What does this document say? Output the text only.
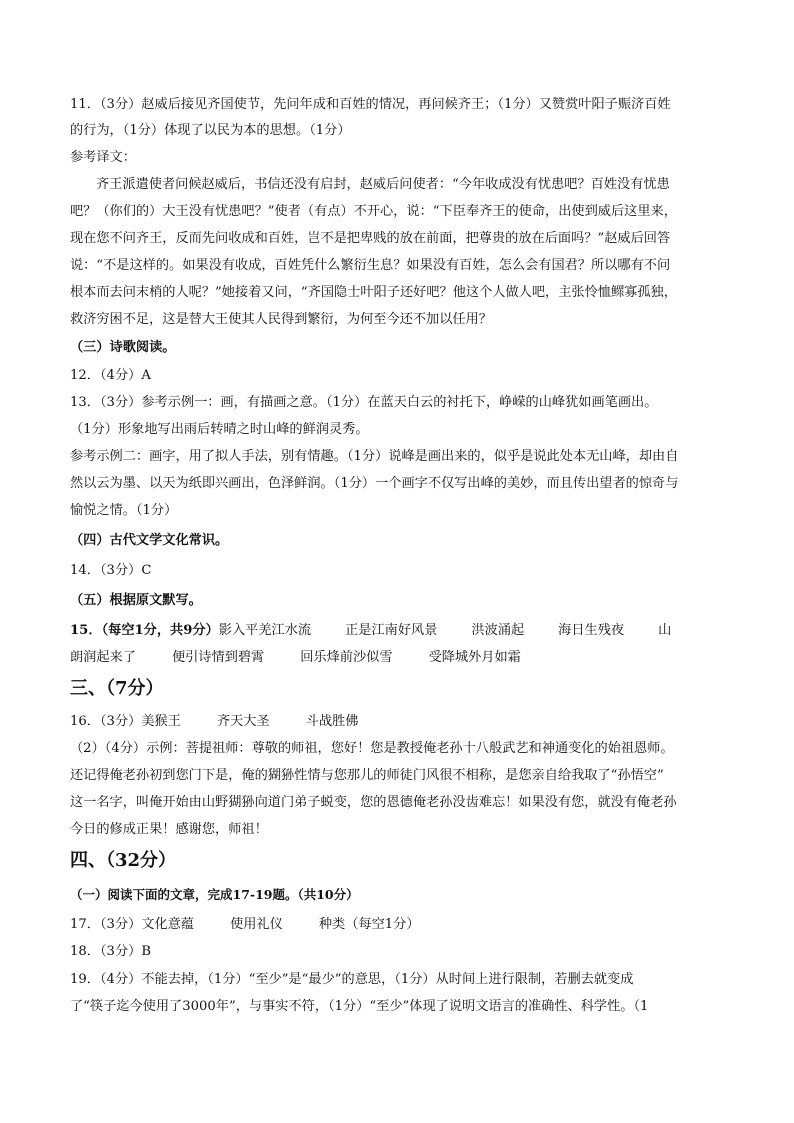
11．（3分）赵威后接见齐国使节，先问年成和百姓的情况，再问候齐王；（1分）又赞赏叶阳子赈济百姓
的行为，（1分）体现了以民为本的思想。（1分）
参考译文：
齐王派遣使者问候赵威后，书信还没有启封，赵威后问使者：“今年收成没有忧患吧？百姓没有忧患
吧？（你们的）大王没有忧患吧？”使者（有点）不开心，说：“下臣奉齐王的使命，出使到威后这里来，
现在您不问齐王，反而先问收成和百姓，岂不是把卑贱的放在前面，把尊贵的放在后面吗？”赵威后回答
说：“不是这样的。如果没有收成，百姓凭什么繁衍生息？如果没有百姓，怎么会有国君？所以哪有不问
根本而去问末梢的人呢？”她接着又问，“齐国隐士叶阳子还好吧？他这个人做人吧，主张怜恤鳏寡孤独，
救济穷困不足，这是替大王使其人民得到繁衍，为何至今还不加以任用？
（三）诗歌阅读。
12．（4分）A
13．（3分）参考示例一：画，有描画之意。（1分）在蓝天白云的衬托下，峥嵘的山峰犹如画笔画出。
（1分）形象地写出雨后转晴之时山峰的鲜润灵秀。
参考示例二：画字，用了拟人手法，别有情趣。（1分）说峰是画出来的，似乎是说此处本无山峰，却由自
然以云为墨、以天为纸即兴画出，色泽鲜润。（1分）一个画字不仅写出峰的美妙，而且传出望者的惊奇与
愉悦之情。（1分）
（四）古代文学文化常识。
14．（3分）C
（五）根据原文默写。
15．（每空1分，共9分）影入平羌江水流	正是江南好风景	洪波涌起	海日生残夜	山
朗润起来了	便引诗情到碧霄	回乐烽前沙似雪	受降城外月如霜
三、（7分）
16．（3分）美猴王	齐天大圣	斗战胜佛
（2）（4分）示例：菩提祖师：尊敬的师祖，您好！您是教授俺老孙十八般武艺和神通变化的始祖恩师。
还记得俺老孙初到您门下是，俺的猢狲性情与您那儿的师徒门风很不相称，是您亲自给我取了“孙悟空”
这一名字，叫俺开始由山野猢狲向道门弟子蜕变，您的恩德俺老孙没齿难忘！如果没有您，就没有俺老孙
今日的修成正果！感谢您，师祖！
四、（32分）
（一）阅读下面的文章，完成17-19题。（共10分）
17．（3分）文化意蕴	使用礼仪	种类（每空1分）
18．（3分）B
19．（4分）不能去掉，（1分）“至少”是“最少”的意思，（1分）从时间上进行限制，若删去就变成
了“筷子迄今使用了3000年”，与事实不符，（1分）“至少”体现了说明文语言的准确性、科学性。（1
